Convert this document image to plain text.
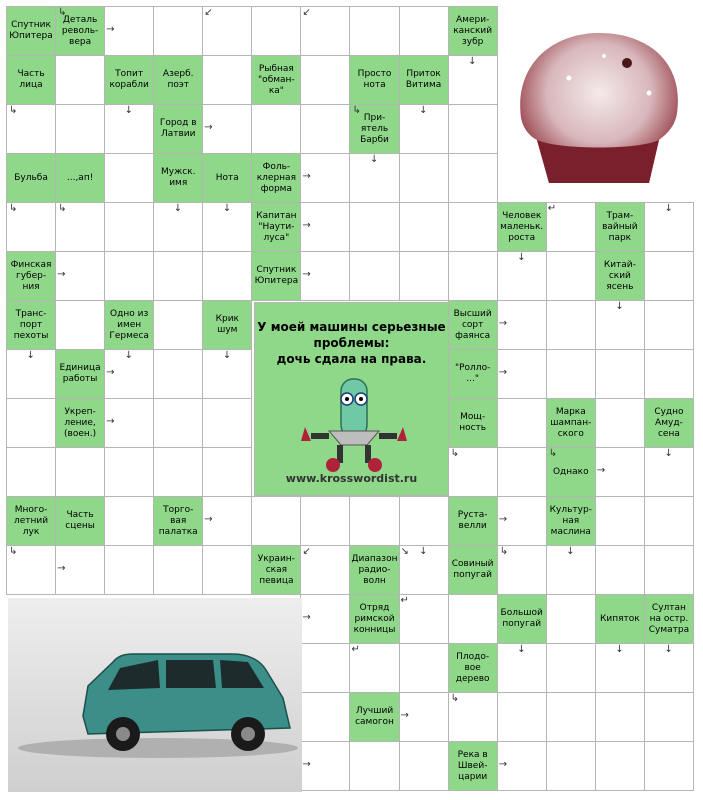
Спутник
Юпитера
Деталь
револь-
вера
Амери-
канский
зубр
Часть
лица
Топит
корабли
Азерб.
поэт
Рыбная
"обман-
ка"
Просто
нота
Приток
Витима
Город в
Латвии
При-
ятель
Барби
Бульба	...,ап!
Мужск.
имя
Нота
Фоль-
клерная
форма
Капитан
"Наути-
луса"
Человек
маленьк.
роста
Трам-
вайный
парк
Финская
губер-
ния
Спутник
Юпитера
Китай-
ский
ясень
Транс-
порт
пехоты
Одно из
имен
Гермеса
Крик шум
Высший
сорт
фаянса
Единица
работы
"Ролло-
..."
Укреп-
ление,
(воен.)
Мощ-
ность
Марка
шампан-
ского
Судно
Амуд-
сена
Однако
Много-
летний
лук
Часть
сцены
Торго-
вая
палатка
Руста-
велли
Культур-
ная
маслина
Украин-
ская
певица
Диапазон
радио-
волн
Совиный
попугай
Отряд
римской
конницы
Большой
попугай
Кипяток
Султан
на остр.
Суматра
Плодо-
вое
дерево
Лучший
самогон
Река в
Швей-
царии
↳
→
↙	↙
↓
↳	↓
→
↳	↓
↓
→
↳	↳	↓	↓
→
↓
↵	↓
→	→
↓
↓	↓	↓
→
→	→
→
↳	↳	↓
→
↳
→
→
↙	↘
→
↳	↓
→
↵
↓
↵	↓	↓	↓
↳
→
→	→
У моей машины серьезные
проблемы:
дочь сдала на права.
www.krosswordist.ru
